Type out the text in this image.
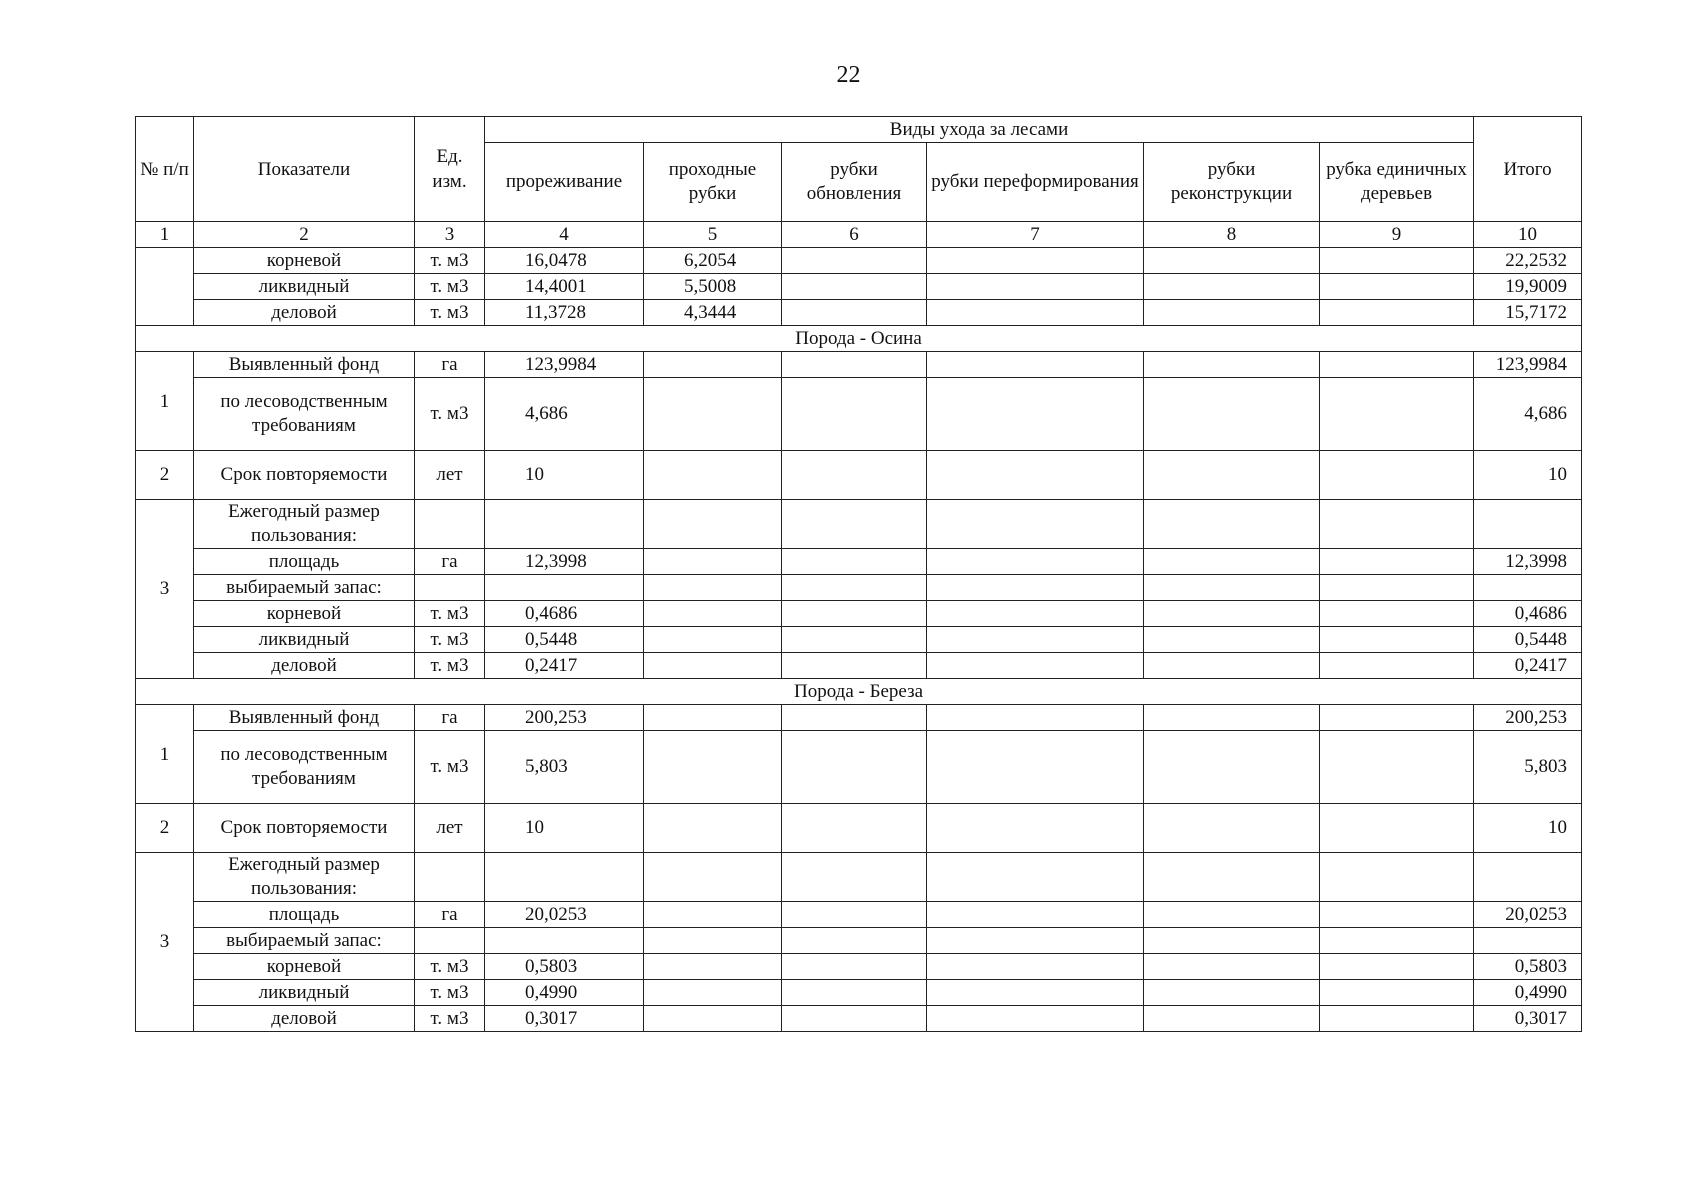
22
№ п/п	Показатели	Ед. изм.	Виды ухода за лесами						Итого
			прореживание	проходные рубки	рубки обновления	рубки переформирования	рубки реконструкции	рубка единичных деревьев	
1	2	3	4	5	6	7	8	9	10
	корневой	т. м3	16,0478	6,2054					22,2532
	ликвидный	т. м3	14,4001	5,5008					19,9009
	деловой	т. м3	11,3728	4,3444					15,7172
Порода - Осина									
1	Выявленный фонд	га	123,9984						123,9984
	по лесоводственным требованиям	т. м3	4,686						4,686
2	Срок повторяемости	лет	10						10
3	Ежегодный размер пользования:								
	площадь	га	12,3998						12,3998
	выбираемый запас:								
	корневой	т. м3	0,4686						0,4686
	ликвидный	т. м3	0,5448						0,5448
	деловой	т. м3	0,2417						0,2417
Порода - Береза									
1	Выявленный фонд	га	200,253						200,253
	по лесоводственным требованиям	т. м3	5,803						5,803
2	Срок повторяемости	лет	10						10
3	Ежегодный размер пользования:								
	площадь	га	20,0253						20,0253
	выбираемый запас:								
	корневой	т. м3	0,5803						0,5803
	ликвидный	т. м3	0,4990						0,4990
	деловой	т. м3	0,3017						0,3017
